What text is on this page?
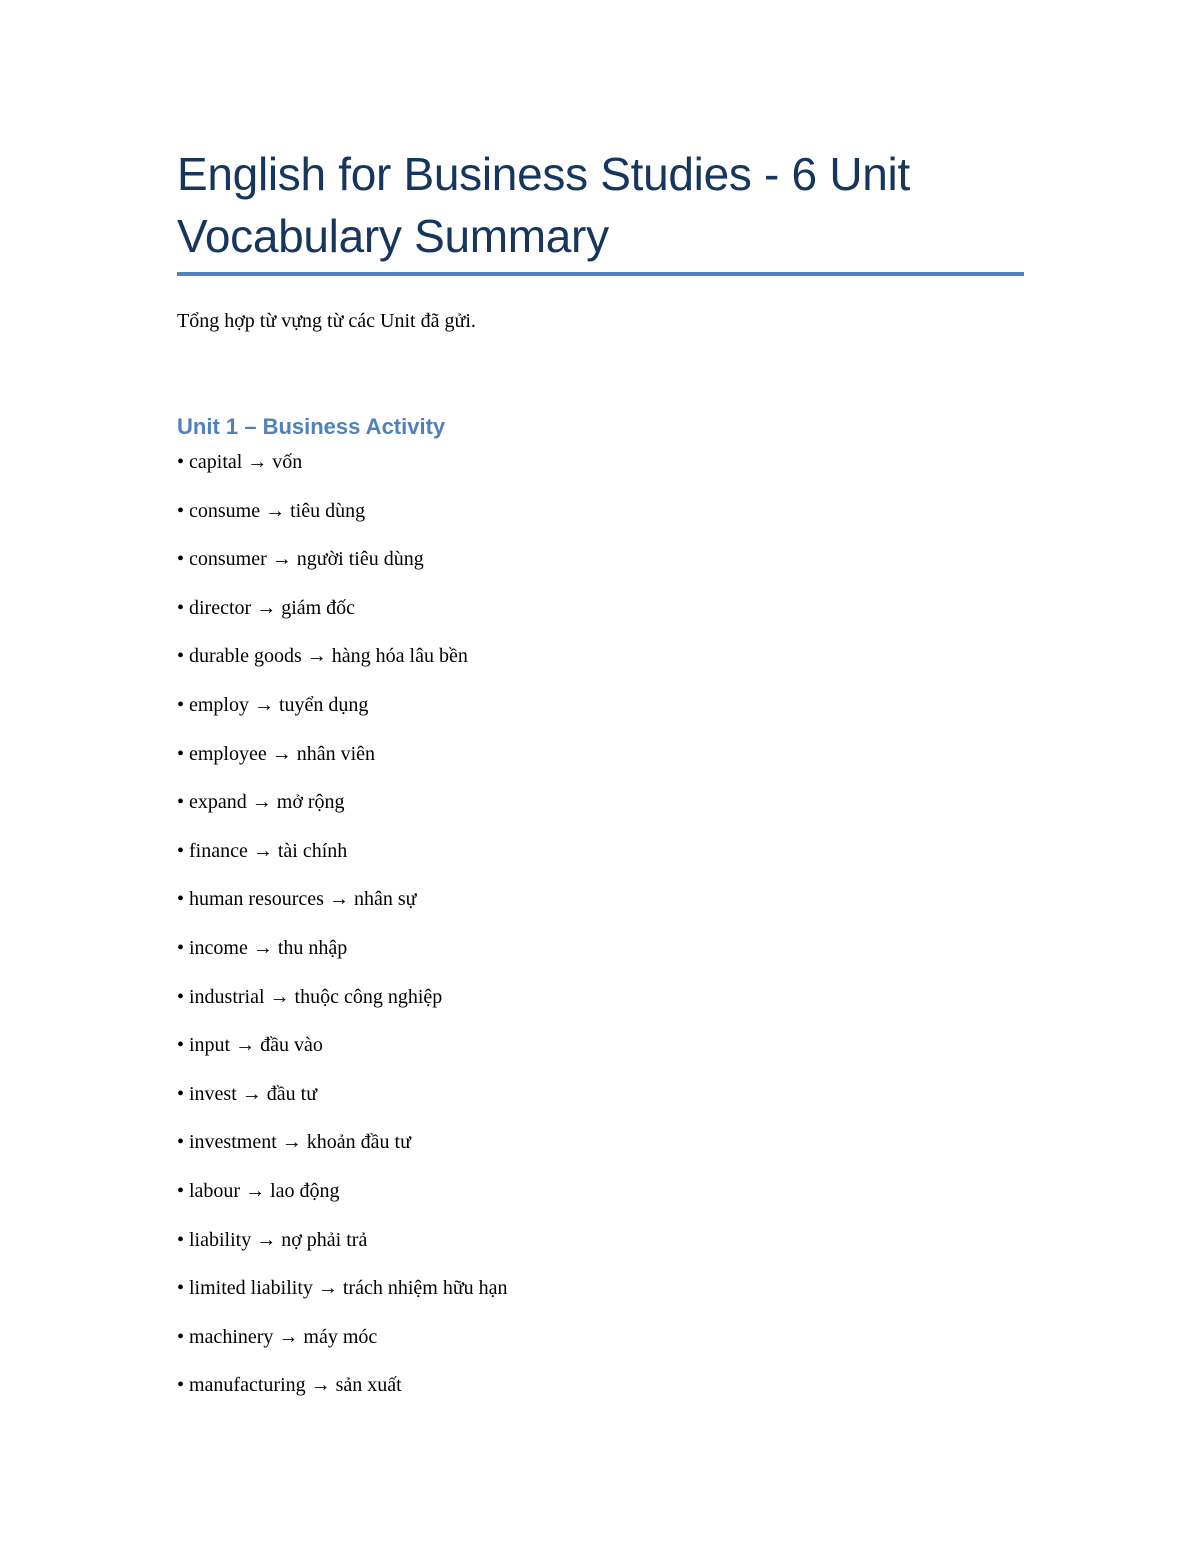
English for Business Studies - 6 Unit Vocabulary Summary

Tổng hợp từ vựng từ các Unit đã gửi.

Unit 1 – Business Activity
• capital → vốn
• consume → tiêu dùng
• consumer → người tiêu dùng
• director → giám đốc
• durable goods → hàng hóa lâu bền
• employ → tuyển dụng
• employee → nhân viên
• expand → mở rộng
• finance → tài chính
• human resources → nhân sự
• income → thu nhập
• industrial → thuộc công nghiệp
• input → đầu vào
• invest → đầu tư
• investment → khoản đầu tư
• labour → lao động
• liability → nợ phải trả
• limited liability → trách nhiệm hữu hạn
• machinery → máy móc
• manufacturing → sản xuất
